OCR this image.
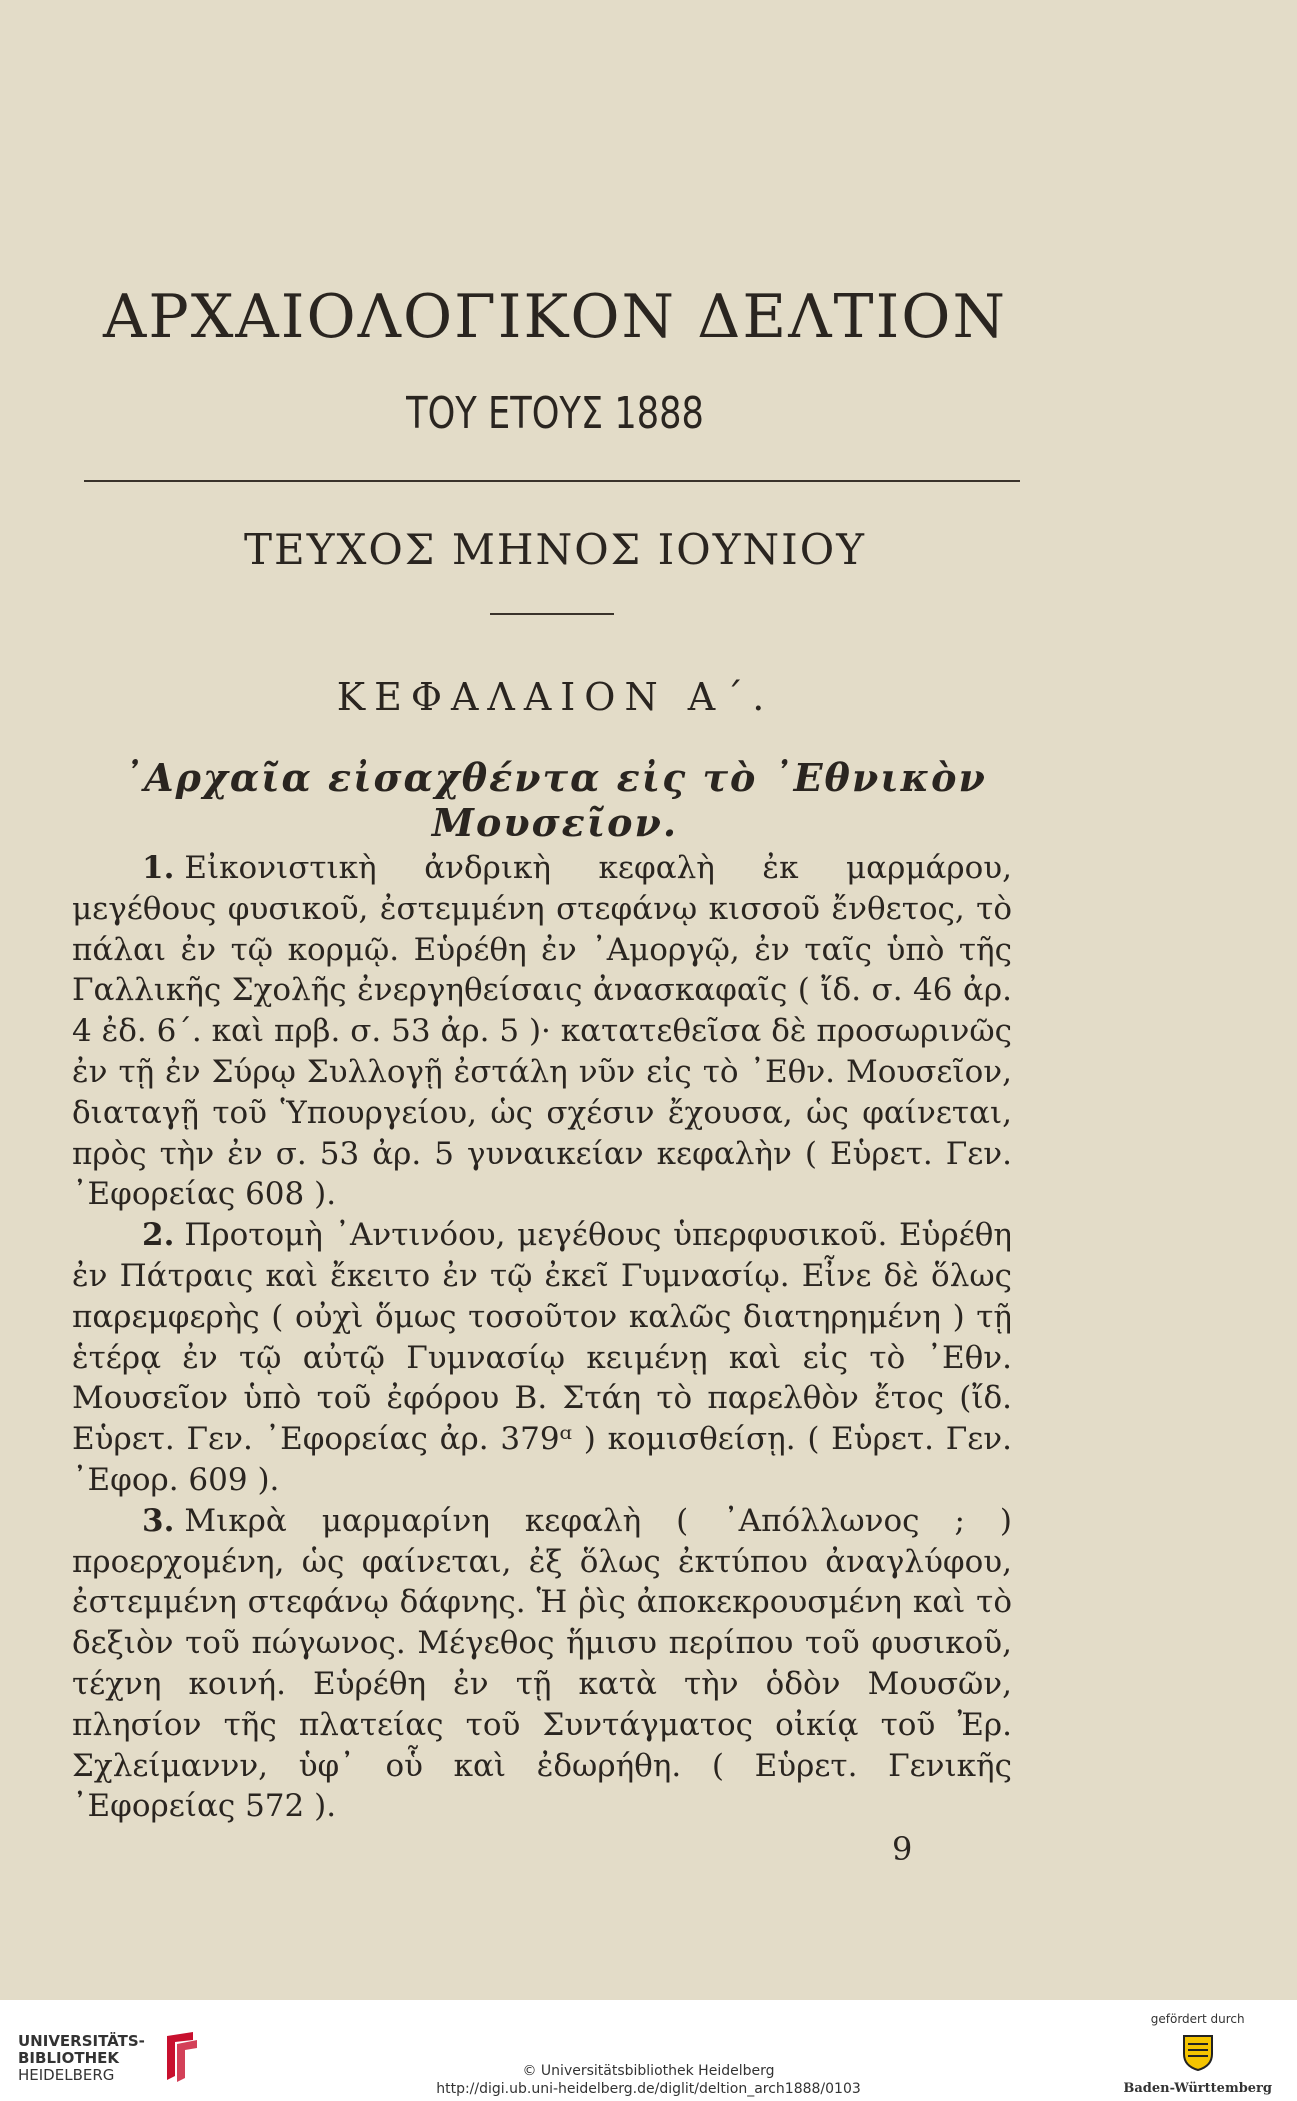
ΑΡΧΑΙΟΛΟΓΙΚΟΝ ΔΕΛΤΙΟΝ
ΤΟΥ ΕΤΟΥΣ 1888
ΤΕΥΧΟΣ ΜΗΝΟΣ ΙΟΥΝΙΟΥ
ΚΕΦΑΛΑΙΟΝ Α΄.
᾿Αρχαῖα εἰσαχθέντα εἰς τὸ ᾿Εθνικὸν Μουσεῖον.

1. Εἰκονιστικὴ ἀνδρικὴ κεφαλὴ ἐκ μαρμάρου, μεγέθους φυσικοῦ, ἐστεμμένη στεφάνῳ κισσοῦ ἔνθετος, τὸ πάλαι ἐν τῷ κορμῷ. Εὑρέθη ἐν ᾿Αμοργῷ, ἐν ταῖς ὑπὸ τῆς Γαλλικῆς Σχολῆς ἐνεργηθείσαις ἀνασκαφαῖς ( ἴδ. σ. 46 ἀρ. 4 ἐδ. 6΄. καὶ πρβ. σ. 53 ἀρ. 5 )· κατατεθεῖσα δὲ προσωρινῶς ἐν τῇ ἐν Σύρῳ Συλλογῇ ἐστάλη νῦν εἰς τὸ ᾿Εθν. Μουσεῖον, διαταγῇ τοῦ Ὑπουργείου, ὡς σχέσιν ἔχουσα, ὡς φαίνεται, πρὸς τὴν ἐν σ. 53 ἀρ. 5 γυναικείαν κεφαλὴν ( Εὑρετ. Γεν. ᾿Εφορείας 608 ).

2. Προτομὴ ᾿Αντινόου, μεγέθους ὑπερφυσικοῦ. Εὑρέθη ἐν Πάτραις καὶ ἔκειτο ἐν τῷ ἐκεῖ Γυμνασίῳ. Εἶνε δὲ ὅλως παρεμφερὴς ( οὐχὶ ὅμως τοσοῦτον καλῶς διατηρημένη ) τῇ ἑτέρᾳ ἐν τῷ αὐτῷ Γυμνασίῳ κειμένῃ καὶ εἰς τὸ ᾿Εθν. Μουσεῖον ὑπὸ τοῦ ἐφόρου Β. Στάη τὸ παρελθὸν ἔτος (ἴδ. Εὑρετ. Γεν. ᾿Εφορείας ἀρ. 379ᵅ ) κομισθείσῃ. ( Εὑρετ. Γεν. ᾿Εφορ. 609 ).

3. Μικρὰ μαρμαρίνη κεφαλὴ ( ᾿Απόλλωνος ; ) προερχομένη, ὡς φαίνεται, ἐξ ὅλως ἐκτύπου ἀναγλύφου, ἐστεμμένη στεφάνῳ δάφνης. Ἡ ῥὶς ἀποκεκρουσμένη καὶ τὸ δεξιὸν τοῦ πώγωνος. Μέγεθος ἥμισυ περίπου τοῦ φυσικοῦ, τέχνη κοινή. Εὑρέθη ἐν τῇ κατὰ τὴν ὁδὸν Μουσῶν, πλησίον τῆς πλατείας τοῦ Συντάγματος οἰκίᾳ τοῦ Ἐρ. Σχλείμαννν, ὑφ᾿ οὗ καὶ ἐδωρήθη. ( Εὑρετ. Γενικῆς ᾿Εφορείας 572 ).

9
UNIVERSITÄTS-
BIBLIOTHEK
HEIDELBERG	© Universitätsbibliothek Heidelberg
http://digi.ub.uni-heidelberg.de/diglit/deltion_arch1888/0103
gefördert durch
Baden-Württemberg
